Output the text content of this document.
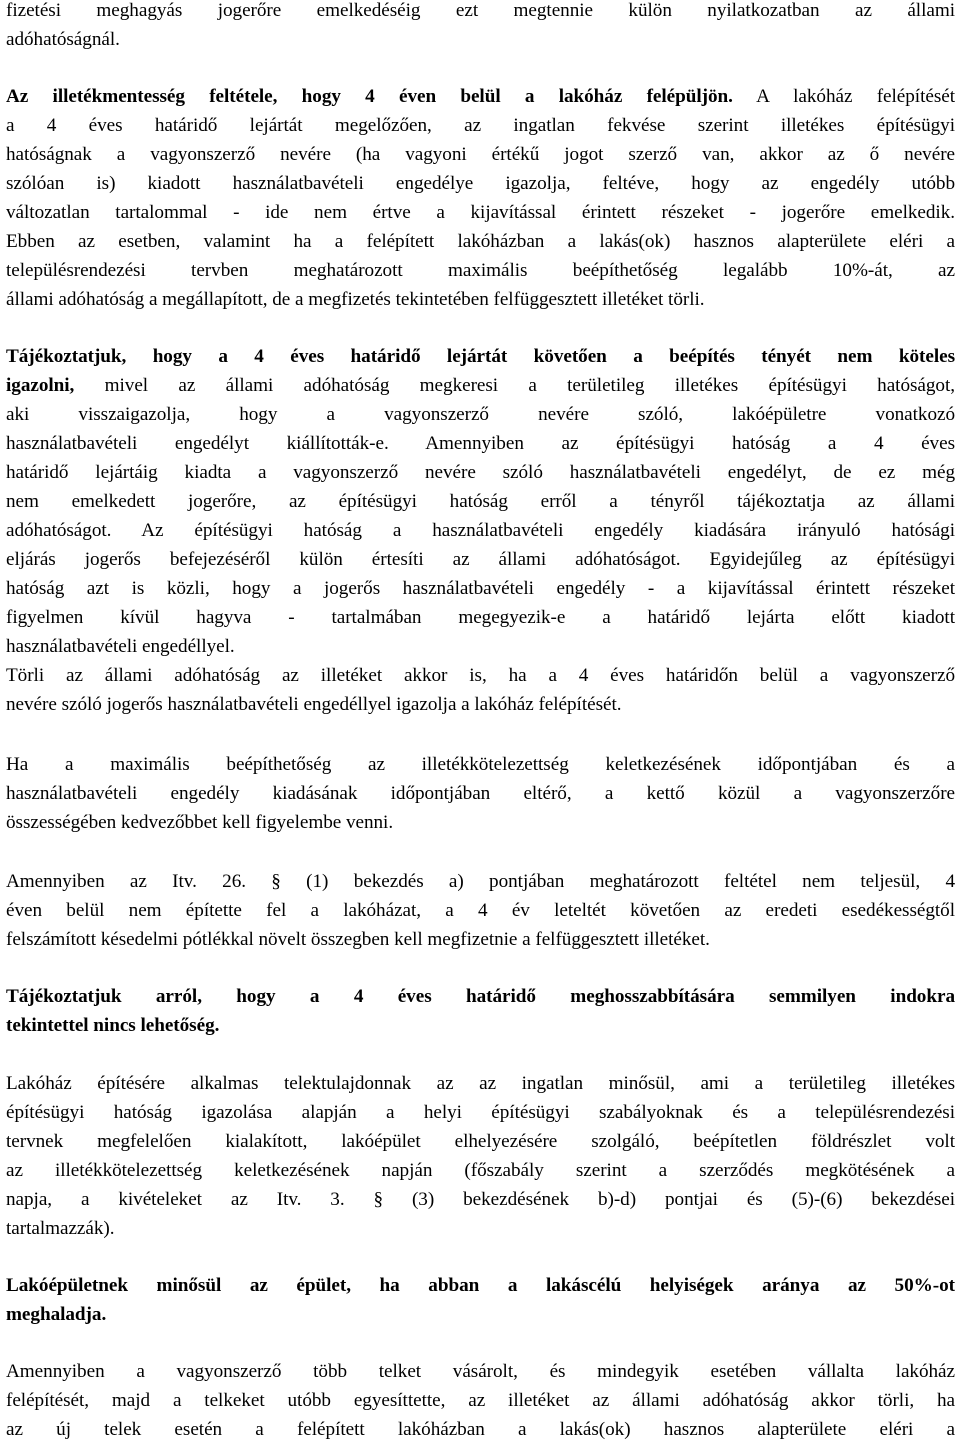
fizetési meghagyás jogerőre emelkedéséig ezt megtennie külön nyilatkozatban az állami
adóhatóságnál.
Az illetékmentesség feltétele, hogy 4 éven belül a lakóház felépüljön. A lakóház felépítését
a 4 éves határidő lejártát megelőzően, az ingatlan fekvése szerint illetékes építésügyi
hatóságnak a vagyonszerző nevére (ha vagyoni értékű jogot szerző van, akkor az ő nevére
szólóan is) kiadott használatbavételi engedélye igazolja, feltéve, hogy az engedély utóbb
változatlan tartalommal - ide nem értve a kijavítással érintett részeket - jogerőre emelkedik.
Ebben az esetben, valamint ha a felépített lakóházban a lakás(ok) hasznos alapterülete eléri a
településrendezési tervben meghatározott maximális beépíthetőség legalább 10%-át, az
állami adóhatóság a megállapított, de a megfizetés tekintetében felfüggesztett illetéket törli.
Tájékoztatjuk, hogy a 4 éves határidő lejártát követően a beépítés tényét nem köteles
igazolni, mivel az állami adóhatóság megkeresi a területileg illetékes építésügyi hatóságot,
aki visszaigazolja, hogy a vagyonszerző nevére szóló, lakóépületre vonatkozó
használatbavételi engedélyt kiállították-e. Amennyiben az építésügyi hatóság a 4 éves
határidő lejártáig kiadta a vagyonszerző nevére szóló használatbavételi engedélyt, de ez még
nem emelkedett jogerőre, az építésügyi hatóság erről a tényről tájékoztatja az állami
adóhatóságot. Az építésügyi hatóság a használatbavételi engedély kiadására irányuló hatósági
eljárás jogerős befejezéséről külön értesíti az állami adóhatóságot. Egyidejűleg az építésügyi
hatóság azt is közli, hogy a jogerős használatbavételi engedély - a kijavítással érintett részeket
figyelmen kívül hagyva - tartalmában megegyezik-e a határidő lejárta előtt kiadott
használatbavételi engedéllyel.
Törli az állami adóhatóság az illetéket akkor is, ha a 4 éves határidőn belül a vagyonszerző
nevére szóló jogerős használatbavételi engedéllyel igazolja a lakóház felépítését.
Ha a maximális beépíthetőség az illetékkötelezettség keletkezésének időpontjában és a
használatbavételi engedély kiadásának időpontjában eltérő, a kettő közül a vagyonszerzőre
összességében kedvezőbbet kell figyelembe venni.
Amennyiben az Itv. 26. § (1) bekezdés a) pontjában meghatározott feltétel nem teljesül, 4
éven belül nem építette fel a lakóházat, a 4 év leteltét követően az eredeti esedékességtől
felszámított késedelmi pótlékkal növelt összegben kell megfizetnie a felfüggesztett illetéket.
Tájékoztatjuk arról, hogy a 4 éves határidő meghosszabbítására semmilyen indokra
tekintettel nincs lehetőség.
Lakóház építésére alkalmas telektulajdonnak az az ingatlan minősül, ami a területileg illetékes
építésügyi hatóság igazolása alapján a helyi építésügyi szabályoknak és a településrendezési
tervnek megfelelően kialakított, lakóépület elhelyezésére szolgáló, beépítetlen földrészlet volt
az illetékkötelezettség keletkezésének napján (főszabály szerint a szerződés megkötésének a
napja, a kivételeket az Itv. 3. § (3) bekezdésének b)-d) pontjai és (5)-(6) bekezdései
tartalmazzák).
Lakóépületnek minősül az épület, ha abban a lakáscélú helyiségek aránya az 50%-ot
meghaladja.
Amennyiben a vagyonszerző több telket vásárolt, és mindegyik esetében vállalta lakóház
felépítését, majd a telkeket utóbb egyesíttette, az illetéket az állami adóhatóság akkor törli, ha
az új telek esetén a felépített lakóházban a lakás(ok) hasznos alapterülete eléri a
